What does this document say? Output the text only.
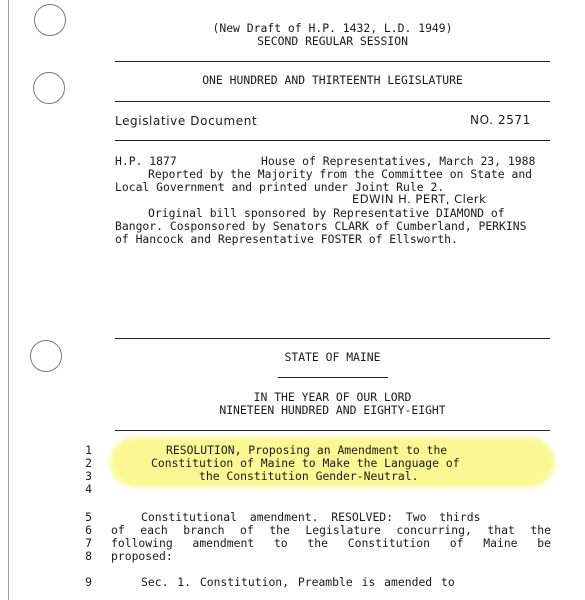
(New Draft of H.P. 1432, L.D. 1949)
SECOND REGULAR SESSION
ONE HUNDRED AND THIRTEENTH LEGISLATURE
Legislative Document	NO. 2571
H.P. 1877	House of Representatives, March 23, 1988
Reported by the Majority from the Committee on State and
Local Government and printed under Joint Rule 2.
EDWIN H. PERT, Clerk
Original bill sponsored by Representative DIAMOND of
Bangor. Cosponsored by Senators CLARK of Cumberland, PERKINS
of Hancock and Representative FOSTER of Ellsworth.
STATE OF MAINE
IN THE YEAR OF OUR LORD
NINETEEN HUNDRED AND EIGHTY-EIGHT
1
2
3
4
5
6
7
8
9
RESOLUTION, Proposing an Amendment to the
Constitution of Maine to Make the Language of
the Constitution Gender-Neutral.
Constitutional amendment. RESOLVED: Two thirds
of each branch of the Legislature concurring, that the
following amendment to the Constitution of Maine be
proposed:
Sec. 1. Constitution, Preamble is amended to
